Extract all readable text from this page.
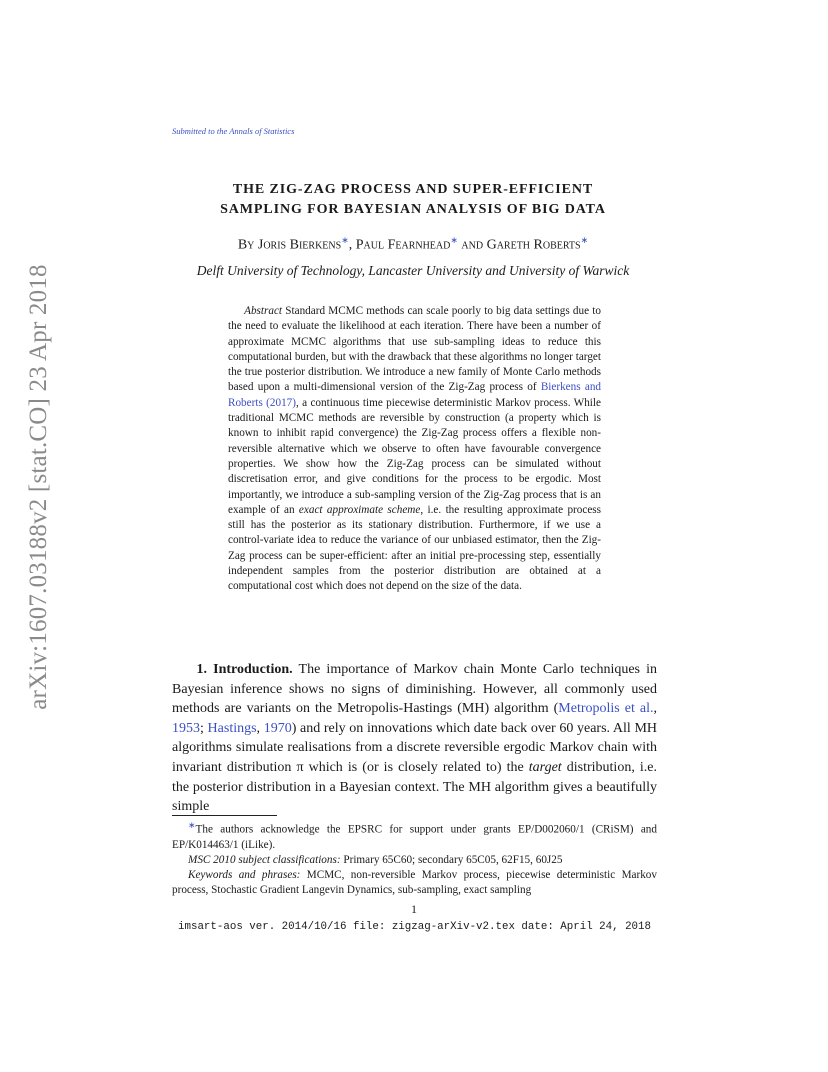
arXiv:1607.03188v2 [stat.CO] 23 Apr 2018
Submitted to the Annals of Statistics
THE ZIG-ZAG PROCESS AND SUPER-EFFICIENT
SAMPLING FOR BAYESIAN ANALYSIS OF BIG DATA
By Joris Bierkens∗, Paul Fearnhead∗ and Gareth Roberts∗
Delft University of Technology, Lancaster University and University of Warwick
Abstract Standard MCMC methods can scale poorly to big data settings due to the need to evaluate the likelihood at each iteration. There have been a number of approximate MCMC algorithms that use sub-sampling ideas to reduce this computational burden, but with the drawback that these algorithms no longer target the true posterior distribution. We introduce a new family of Monte Carlo methods based upon a multi-dimensional version of the Zig-Zag process of Bierkens and Roberts (2017), a continuous time piecewise deterministic Markov process. While traditional MCMC methods are reversible by construction (a property which is known to inhibit rapid convergence) the Zig-Zag process offers a flexible non-reversible alternative which we observe to often have favourable convergence properties. We show how the Zig-Zag process can be simulated without discretisation error, and give conditions for the process to be ergodic. Most importantly, we introduce a sub-sampling version of the Zig-Zag process that is an example of an exact approximate scheme, i.e. the resulting approximate process still has the posterior as its stationary distribution. Furthermore, if we use a control-variate idea to reduce the variance of our unbiased estimator, then the Zig-Zag process can be super-efficient: after an initial pre-processing step, essentially independent samples from the posterior distribution are obtained at a computational cost which does not depend on the size of the data.
1. Introduction. The importance of Markov chain Monte Carlo techniques in Bayesian inference shows no signs of diminishing. However, all commonly used methods are variants on the Metropolis-Hastings (MH) algorithm (Metropolis et al., 1953; Hastings, 1970) and rely on innovations which date back over 60 years. All MH algorithms simulate realisations from a discrete reversible ergodic Markov chain with invariant distribution π which is (or is closely related to) the target distribution, i.e. the posterior distribution in a Bayesian context. The MH algorithm gives a beautifully simple

∗The authors acknowledge the EPSRC for support under grants EP/D002060/1 (CRiSM) and EP/K014463/1 (iLike).

MSC 2010 subject classifications: Primary 65C60; secondary 65C05, 62F15, 60J25

Keywords and phrases: MCMC, non-reversible Markov process, piecewise deterministic Markov process, Stochastic Gradient Langevin Dynamics, sub-sampling, exact sampling

1
imsart-aos ver. 2014/10/16 file: zigzag-arXiv-v2.tex date: April 24, 2018
